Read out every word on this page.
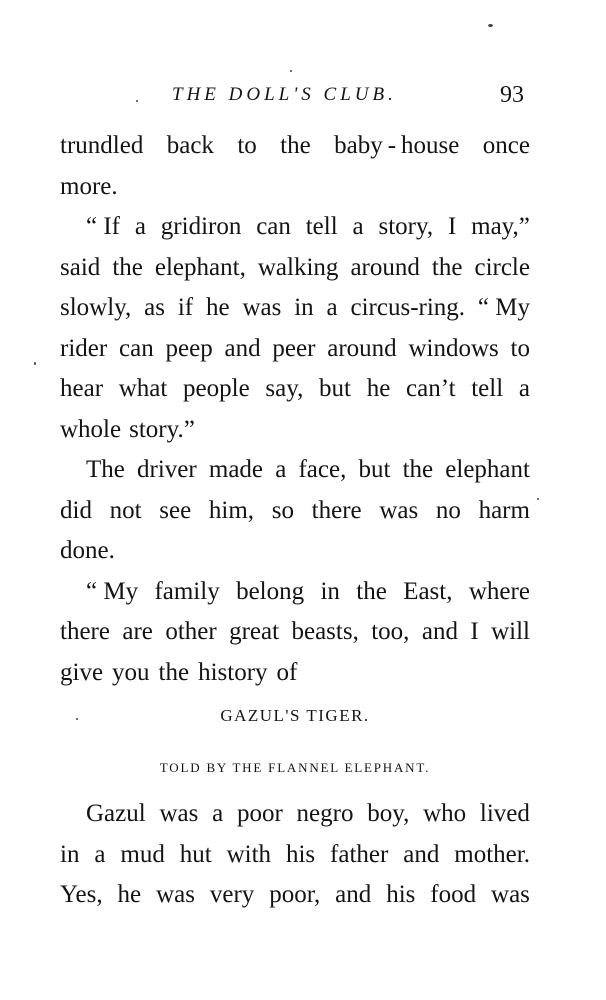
THE DOLL'S CLUB.	93
trundled back to the baby - house once
more.
“ If a gridiron can tell a story, I may,”
said the elephant, walking around the circle
slowly, as if he was in a circus-ring. “ My
rider can peep and peer around windows to
hear what people say, but he can’t tell a
whole story.”
The driver made a face, but the elephant
did not see him, so there was no harm
done.
“ My family belong in the East, where
there are other great beasts, too, and I will
give you the history of
GAZUL'S TIGER.
TOLD BY THE FLANNEL ELEPHANT.
Gazul was a poor negro boy, who lived
in a mud hut with his father and mother.
Yes, he was very poor, and his food was
